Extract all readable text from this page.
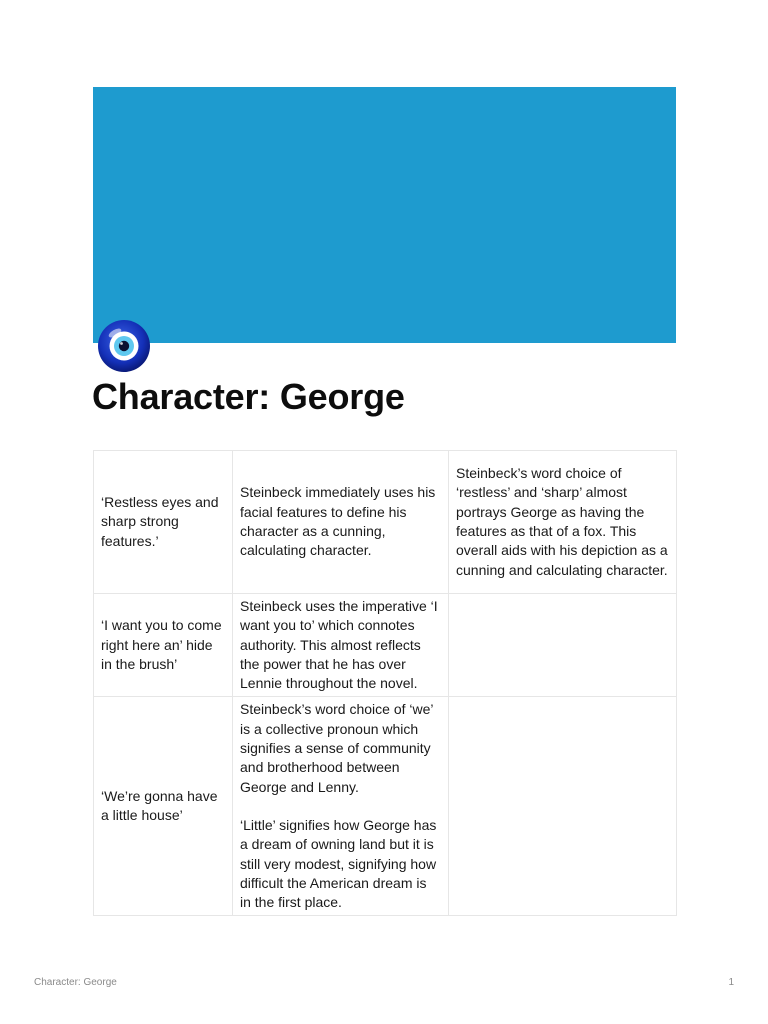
Character: George
‘Restless eyes and sharp strong features.’	Steinbeck immediately uses his facial features to define his character as a cunning, calculating character.	Steinbeck’s word choice of ‘restless’ and ‘sharp’ almost portrays George as having the features as that of a fox. This overall aids with his depiction as a cunning and calculating character.
‘I want you to come right here an’ hide in the brush’	Steinbeck uses the imperative ‘I want you to’ which connotes authority. This almost reflects the power that he has over Lennie throughout the novel.	

‘We’re gonna have a little house’	Steinbeck’s word choice of ‘we’ is a collective pronoun which signifies a sense of community and brotherhood between George and Lenny.
‘Little’ signifies how George has a dream of owning land but it is still very modest, signifying how difficult the American dream is in the first place.	

Character: George	1
